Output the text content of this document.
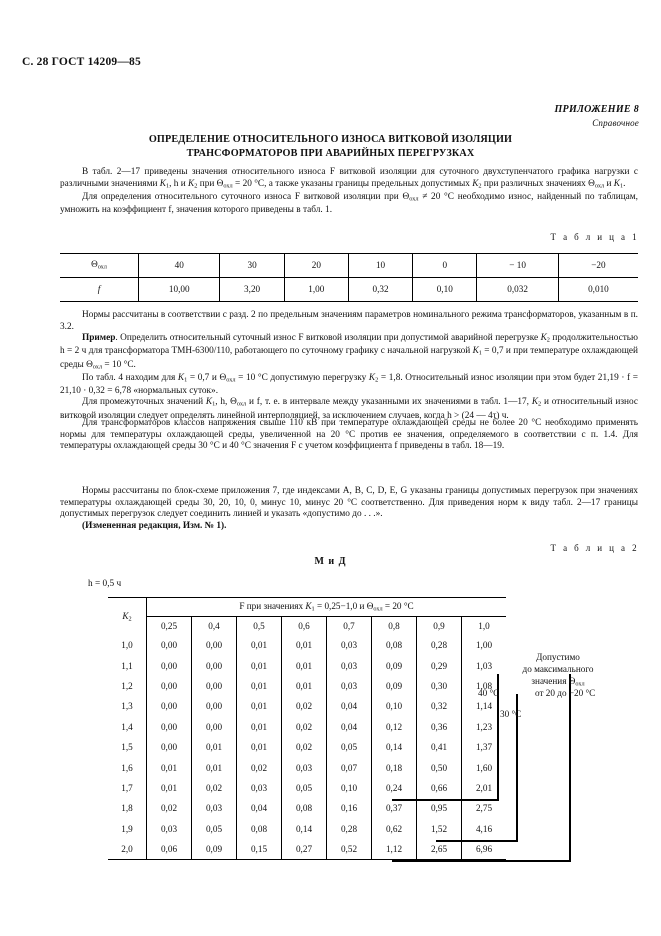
С. 28 ГОСТ 14209—85
ПРИЛОЖЕНИЕ 8
Справочное
ОПРЕДЕЛЕНИЕ ОТНОСИТЕЛЬНОГО ИЗНОСА ВИТКОВОЙ ИЗОЛЯЦИИ
ТРАНСФОРМАТОРОВ ПРИ АВАРИЙНЫХ ПЕРЕГРУЗКАХ

В табл. 2—17 приведены значения относительного износа F витковой изоляции для суточного двухступенчатого графика нагрузки с различными значениями $K_1$, h и $K_2$ при $\Theta_{охл} = 20$ °С, а также указаны границы предельных допустимых $K_2$ при различных значениях $\Theta_{охл}$ и $K_1$.

Для определения относительного суточного износа F витковой изоляции при $\Theta_{охл} \ne 20$ °С необходимо износ, найденный по таблицам, умножить на коэффициент f, значения которого приведены в табл. 1.

Т а б л и ц а 1
$\Theta_{охл}$	40	30	20	10	0	− 10	−20
f	10,00	3,20	1,00	0,32	0,10	0,032	0,010

Нормы рассчитаны в соответствии с разд. 2 по предельным значениям параметров номинального режима трансформаторов, указанным в п. 3.2.

Пример. Определить относительный суточный износ F витковой изоляции при допустимой аварийной перегрузке $K_2$ продолжительностью h = 2 ч для трансформатора ТМН-6300/110, работающего по суточному графику с начальной нагрузкой $K_1 = 0,7$ и при температуре охлаждающей среды $\Theta_{охл} = 10$ °С.

По табл. 4 находим для $K_1 = 0,7$ и $\Theta_{охл} = 10$ °С допустимую перегрузку $K_2 = 1,8$. Относительный износ изоляции при этом будет 21,19 · f = 21,10 · 0,32 = 6,78 «нормальных суток».

Для промежуточных значений $K_1$, h, $\Theta_{охл}$ и f, т. е. в интервале между указанными их значениями в табл. 1—17, $K_2$ и относительный износ витковой изоляции следует определять линейной интерполяцией, за исключением случаев, когда h > (24 — 4τ) ч.

Для трансформаторов классов напряжения свыше 110 кВ при температуре охлаждающей среды не более 20 °С необходимо применять нормы для температуры охлаждающей среды, увеличенной на 20 °С против ее значения, определяемого в соответствии с п. 1.4. Для температуры охлаждающей среды 30 °С и 40 °С значения F с учетом коэффициента f приведены в табл. 18—19.

Нормы рассчитаны по блок-схеме приложения 7, где индексами A, B, C, D, E, G указаны границы допустимых перегрузок при значениях температуры охлаждающей среды 30, 20, 10, 0, минус 10, минус 20 °С соответственно. Для приведения норм к виду табл. 2—17 границы допустимых перегрузок следует соединить линией и указать «допустимо до . . .».

(Измененная редакция, Изм. № 1).

Т а б л и ц а 2
М и Д
h = 0,5 ч
$K_2$	F при значениях $K_1 = 0,25-1,0$ и $\Theta_{охл} = 20$ °С							
	0,25	0,4	0,5	0,6	0,7	0,8	0,9	1,0
1,0	0,00	0,00	0,01	0,01	0,03	0,08	0,28	1,00
1,1	0,00	0,00	0,01	0,01	0,03	0,09	0,29	1,03
1,2	0,00	0,00	0,01	0,01	0,03	0,09	0,30	1,08
1,3	0,00	0,00	0,01	0,02	0,04	0,10	0,32	1,14
1,4	0,00	0,00	0,01	0,02	0,04	0,12	0,36	1,23
1,5	0,00	0,01	0,01	0,02	0,05	0,14	0,41	1,37
1,6	0,01	0,01	0,02	0,03	0,07	0,18	0,50	1,60
1,7	0,01	0,02	0,03	0,05	0,10	0,24	0,66	2,01
1,8	0,02	0,03	0,04	0,08	0,16	0,37	0,95	2,75
1,9	0,03	0,05	0,08	0,14	0,28	0,62	1,52	4,16
2,0	0,06	0,09	0,15	0,27	0,52	1,12	2,65	6,96
Допустимо
до максимального
значения $\Theta_{охл}$
40 °С
30 °С
от 20 до −20 °С
